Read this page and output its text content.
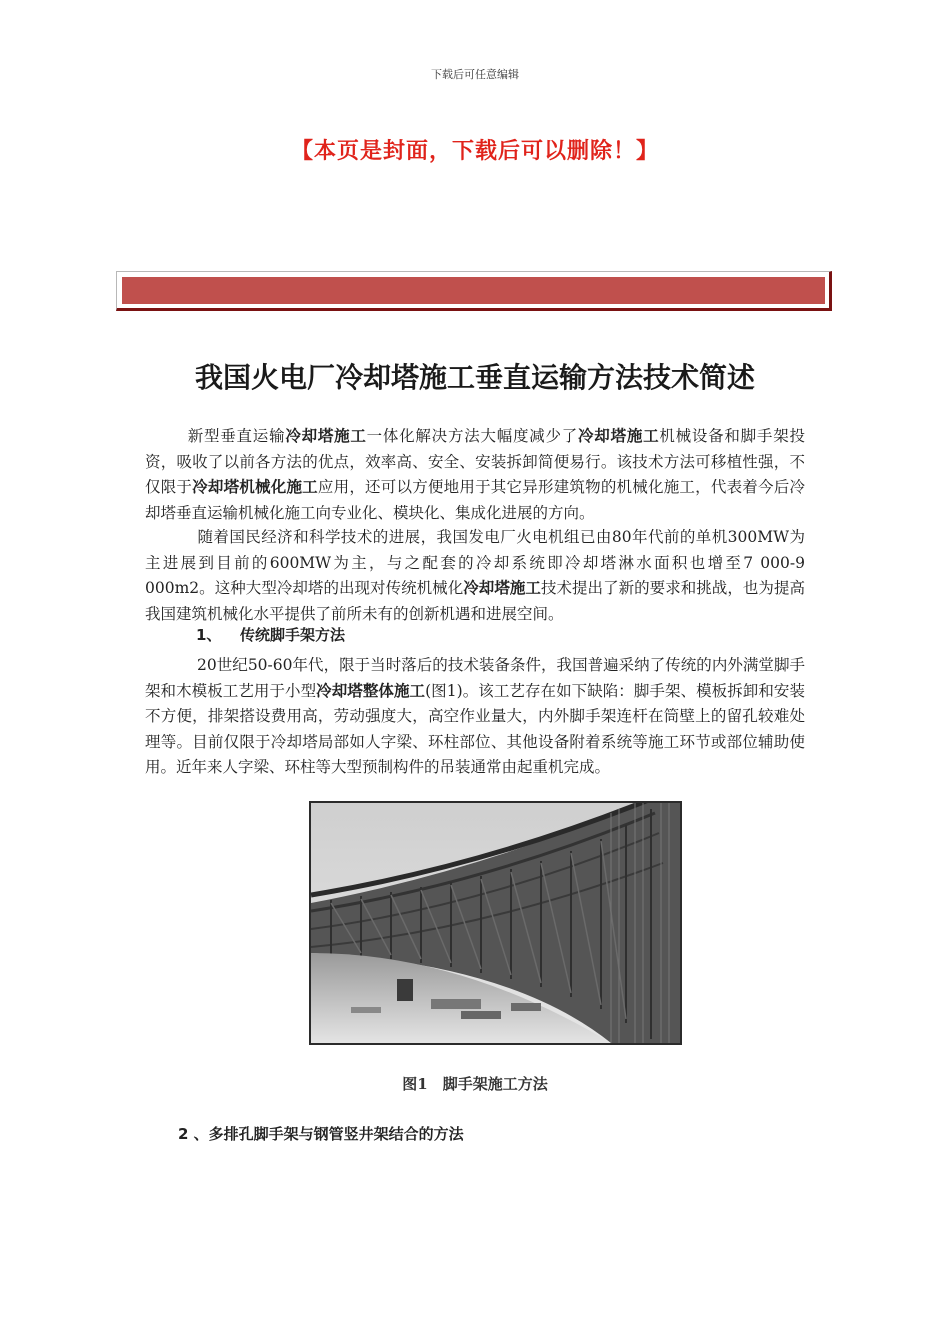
下载后可任意编辑
【本页是封面，下载后可以删除！】
我国火电厂冷却塔施工垂直运输方法技术简述
新型垂直运输冷却塔施工一体化解决方法大幅度减少了冷却塔施工机械设备和脚手架投资，吸收了以前各方法的优点，效率高、安全、安装拆卸简便易行。该技术方法可移植性强，不仅限于冷却塔机械化施工应用，还可以方便地用于其它异形建筑物的机械化施工，代表着今后冷却塔垂直运输机械化施工向专业化、模块化、集成化进展的方向。
随着国民经济和科学技术的进展，我国发电厂火电机组已由80年代前的单机300MW为主进展到目前的600MW为主，与之配套的冷却系统即冷却塔淋水面积也增至7 000-9 000m2。这种大型冷却塔的出现对传统机械化冷却塔施工技术提出了新的要求和挑战，也为提高我国建筑机械化水平提供了前所未有的创新机遇和进展空间。
1、 传统脚手架方法
20世纪50-60年代，限于当时落后的技术装备条件，我国普遍采纳了传统的内外满堂脚手架和木模板工艺用于小型冷却塔整体施工(图1)。该工艺存在如下缺陷：脚手架、模板拆卸和安装不方便，排架搭设费用高，劳动强度大，高空作业量大，内外脚手架连杆在筒壁上的留孔较难处理等。目前仅限于冷却塔局部如人字梁、环柱部位、其他设备附着系统等施工环节或部位辅助使用。近年来人字梁、环柱等大型预制构件的吊装通常由起重机完成。
图1　脚手架施工方法
2 、多排孔脚手架与钢管竖井架结合的方法
